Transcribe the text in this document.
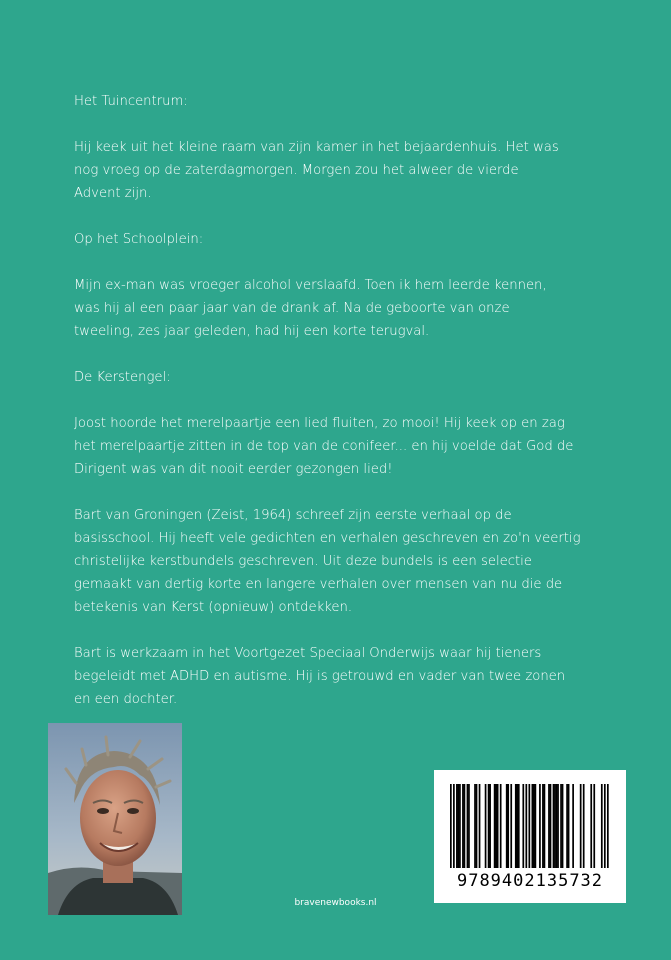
Het Tuincentrum:

Hij keek uit het kleine raam van zijn kamer in het bejaardenhuis. Het was
nog vroeg op de zaterdagmorgen. Morgen zou het alweer de vierde
Advent zijn.

Op het Schoolplein:

Mijn ex-man was vroeger alcohol verslaafd. Toen ik hem leerde kennen,
was hij al een paar jaar van de drank af. Na de geboorte van onze
tweeling, zes jaar geleden, had hij een korte terugval.

De Kerstengel:

Joost hoorde het merelpaartje een lied fluiten, zo mooi! Hij keek op en zag
het merelpaartje zitten in de top van de conifeer... en hij voelde dat God de
Dirigent was van dit nooit eerder gezongen lied!

Bart van Groningen (Zeist, 1964) schreef zijn eerste verhaal op de
basisschool. Hij heeft vele gedichten en verhalen geschreven en zo'n veertig
christelijke kerstbundels geschreven. Uit deze bundels is een selectie
gemaakt van dertig korte en langere verhalen over mensen van nu die de
betekenis van Kerst (opnieuw) ontdekken.

Bart is werkzaam in het Voortgezet Speciaal Onderwijs waar hij tieners
begeleidt met ADHD en autisme. Hij is getrouwd en vader van twee zonen
en een dochter.

bravenewbooks.nl
9789402135732
